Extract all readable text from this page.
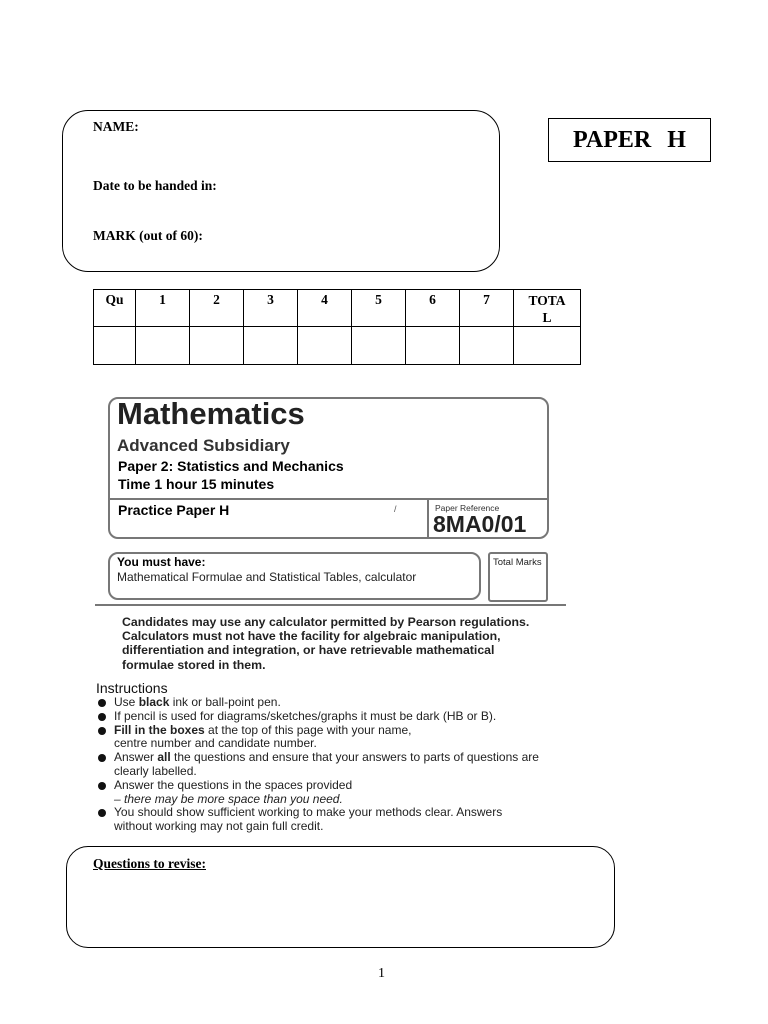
NAME:
Date to be handed in:
MARK (out of 60):
PAPER H
Qu	1	2	3	4	5	6	7	TOTA
L

Mathematics
Advanced Subsidiary
Paper 2: Statistics and Mechanics
Time 1 hour 15 minutes
Practice Paper H	/	Paper Reference
8MA0/01
You must have:
Mathematical Formulae and Statistical Tables, calculator
Total Marks
Candidates may use any calculator permitted by Pearson regulations.
Calculators must not have the facility for algebraic manipulation,
differentiation and integration, or have retrievable mathematical
formulae stored in them.
Instructions
Use black ink or ball-point pen.
If pencil is used for diagrams/sketches/graphs it must be dark (HB or B).
Fill in the boxes at the top of this page with your name,
centre number and candidate number.
Answer all the questions and ensure that your answers to parts of questions are
clearly labelled.
Answer the questions in the spaces provided
– there may be more space than you need.
You should show sufficient working to make your methods clear. Answers
without working may not gain full credit.
Questions to revise:
1
